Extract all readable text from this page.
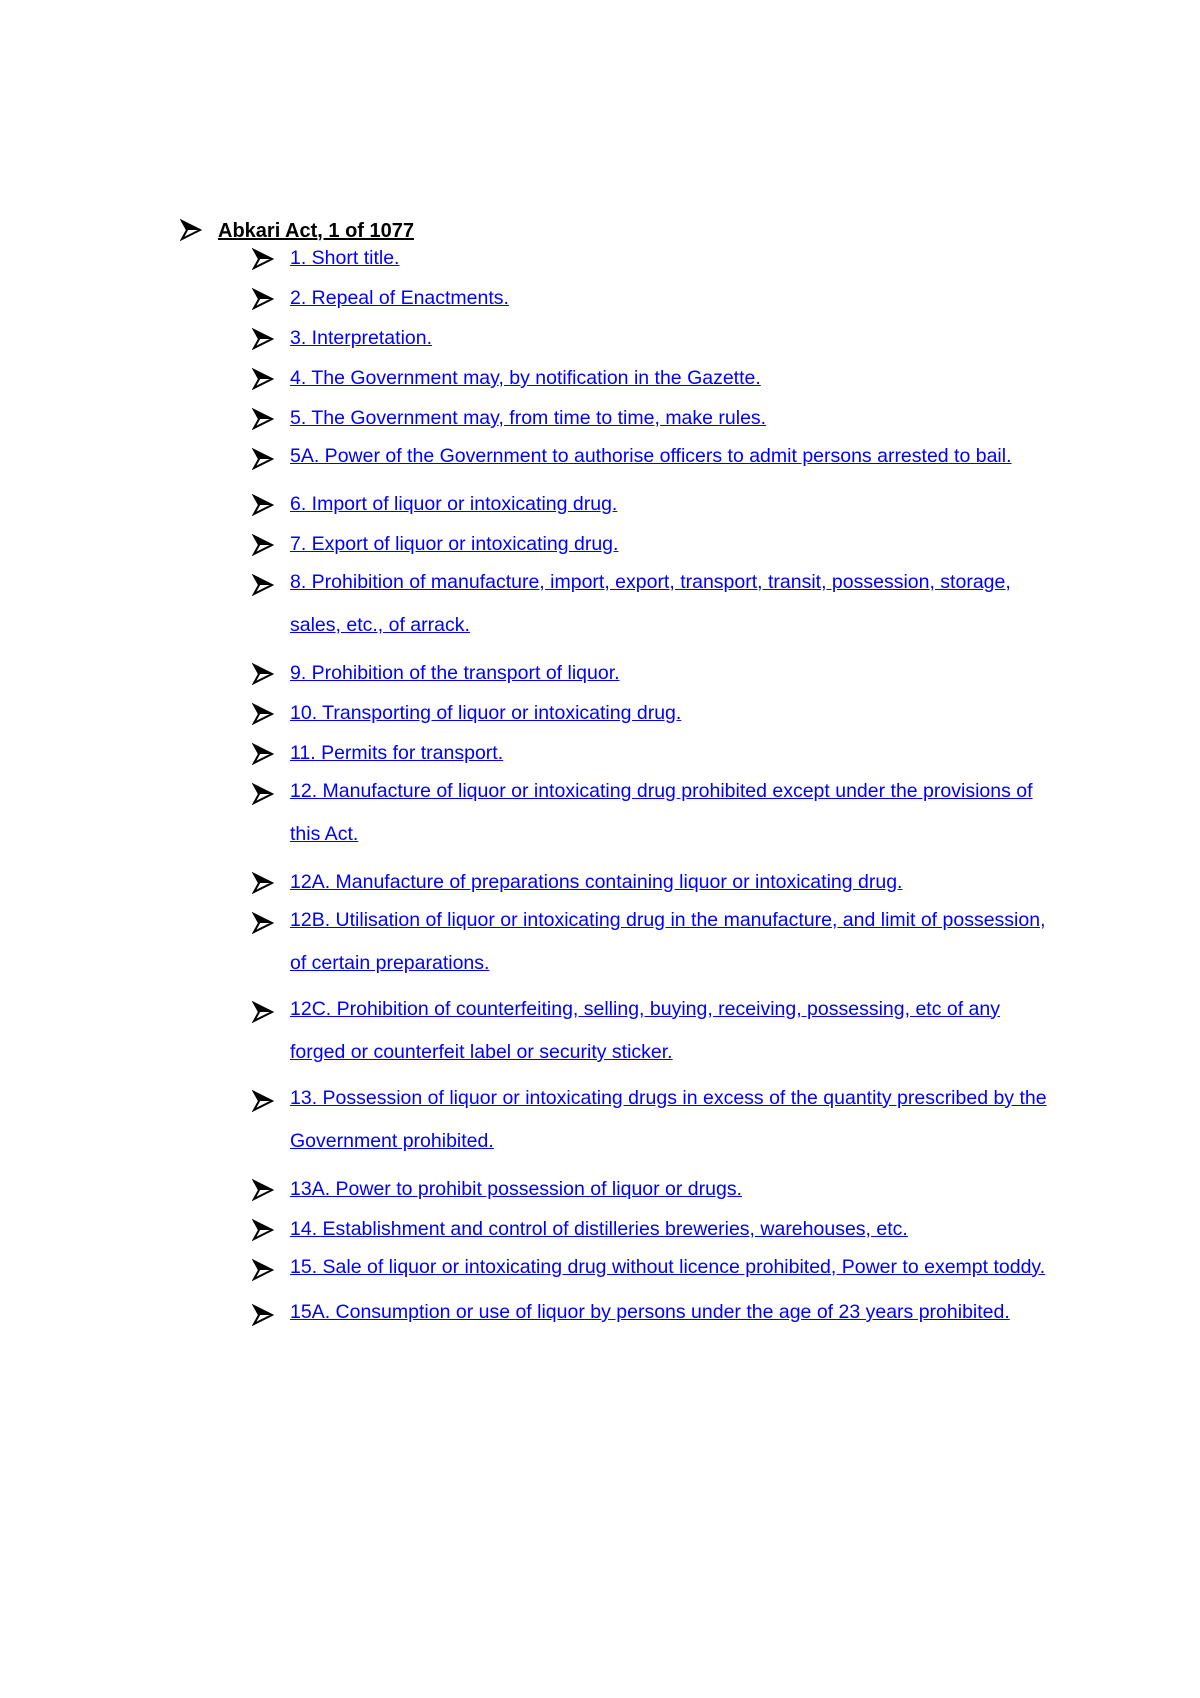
Abkari Act, 1 of 1077
1. Short title.
2. Repeal of Enactments.
3. Interpretation.
4. The Government may, by notification in the Gazette.
5. The Government may, from time to time, make rules.
5A. Power of the Government to authorise officers to admit persons arrested to bail.
6. Import of liquor or intoxicating drug.
7. Export of liquor or intoxicating drug.
8. Prohibition of manufacture, import, export, transport, transit, possession, storage, sales, etc., of arrack.
9. Prohibition of the transport of liquor.
10. Transporting of liquor or intoxicating drug.
11. Permits for transport.
12. Manufacture of liquor or intoxicating drug prohibited except under the provisions of this Act.
12A. Manufacture of preparations containing liquor or intoxicating drug.
12B. Utilisation of liquor or intoxicating drug in the manufacture, and limit of possession, of certain preparations.
12C. Prohibition of counterfeiting, selling, buying, receiving, possessing, etc of any forged or counterfeit label or security sticker.
13. Possession of liquor or intoxicating drugs in excess of the quantity prescribed by the Government prohibited.
13A. Power to prohibit possession of liquor or drugs.
14. Establishment and control of distilleries breweries, warehouses, etc.
15. Sale of liquor or intoxicating drug without licence prohibited, Power to exempt toddy.
15A. Consumption or use of liquor by persons under the age of 23 years prohibited.
